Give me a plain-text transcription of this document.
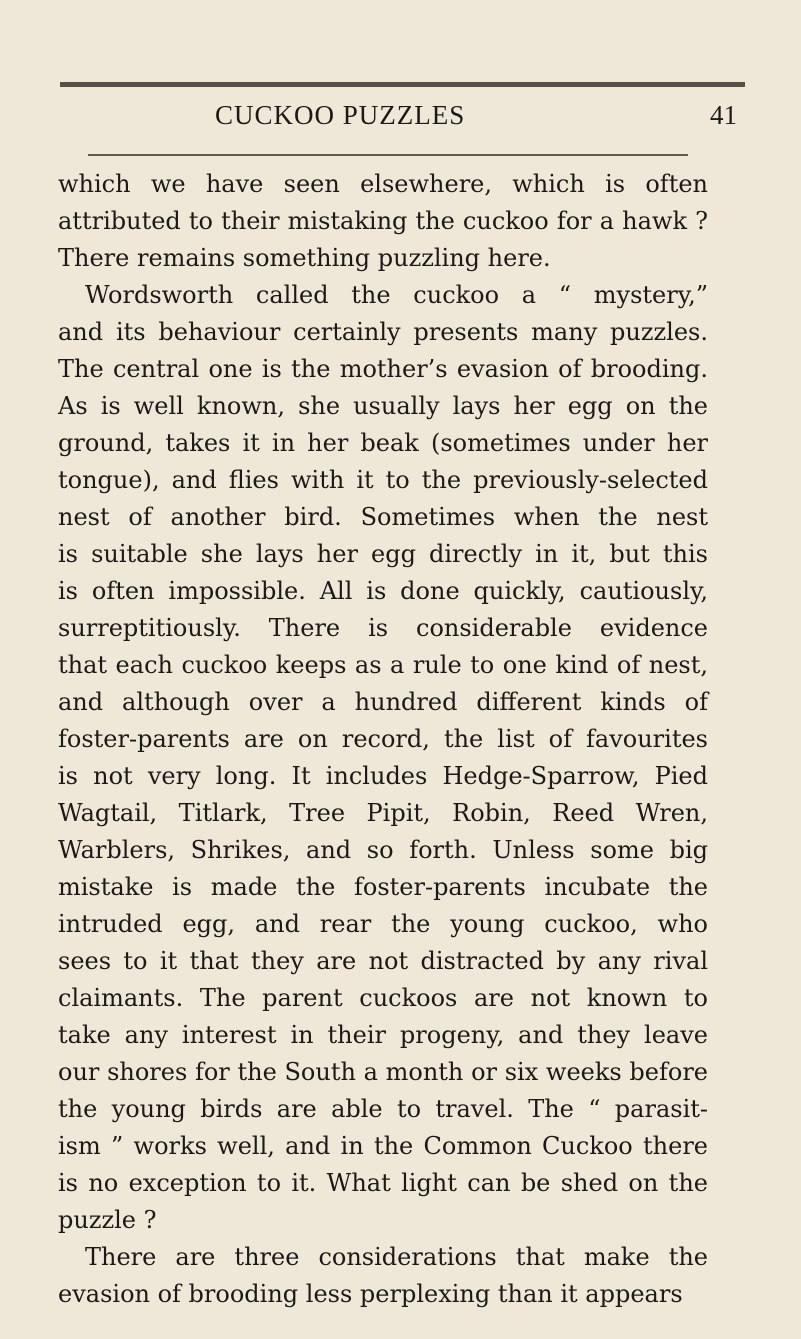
CUCKOO PUZZLES	41
which we have seen elsewhere, which is often
attributed to their mistaking the cuckoo for a hawk ?
There remains something puzzling here.
Wordsworth called the cuckoo a “ mystery,”
and its behaviour certainly presents many puzzles.
The central one is the mother’s evasion of brooding.
As is well known, she usually lays her egg on the
ground, takes it in her beak (sometimes under her
tongue), and flies with it to the previously-selected
nest of another bird. Sometimes when the nest
is suitable she lays her egg directly in it, but this
is often impossible. All is done quickly, cautiously,
surreptitiously. There is considerable evidence
that each cuckoo keeps as a rule to one kind of nest,
and although over a hundred different kinds of
foster-parents are on record, the list of favourites
is not very long. It includes Hedge-Sparrow, Pied
Wagtail, Titlark, Tree Pipit, Robin, Reed Wren,
Warblers, Shrikes, and so forth. Unless some big
mistake is made the foster-parents incubate the
intruded egg, and rear the young cuckoo, who
sees to it that they are not distracted by any rival
claimants. The parent cuckoos are not known to
take any interest in their progeny, and they leave
our shores for the South a month or six weeks before
the young birds are able to travel. The “ parasit-
ism ” works well, and in the Common Cuckoo there
is no exception to it. What light can be shed on the
puzzle ?
There are three considerations that make the
evasion of brooding less perplexing than it appears
